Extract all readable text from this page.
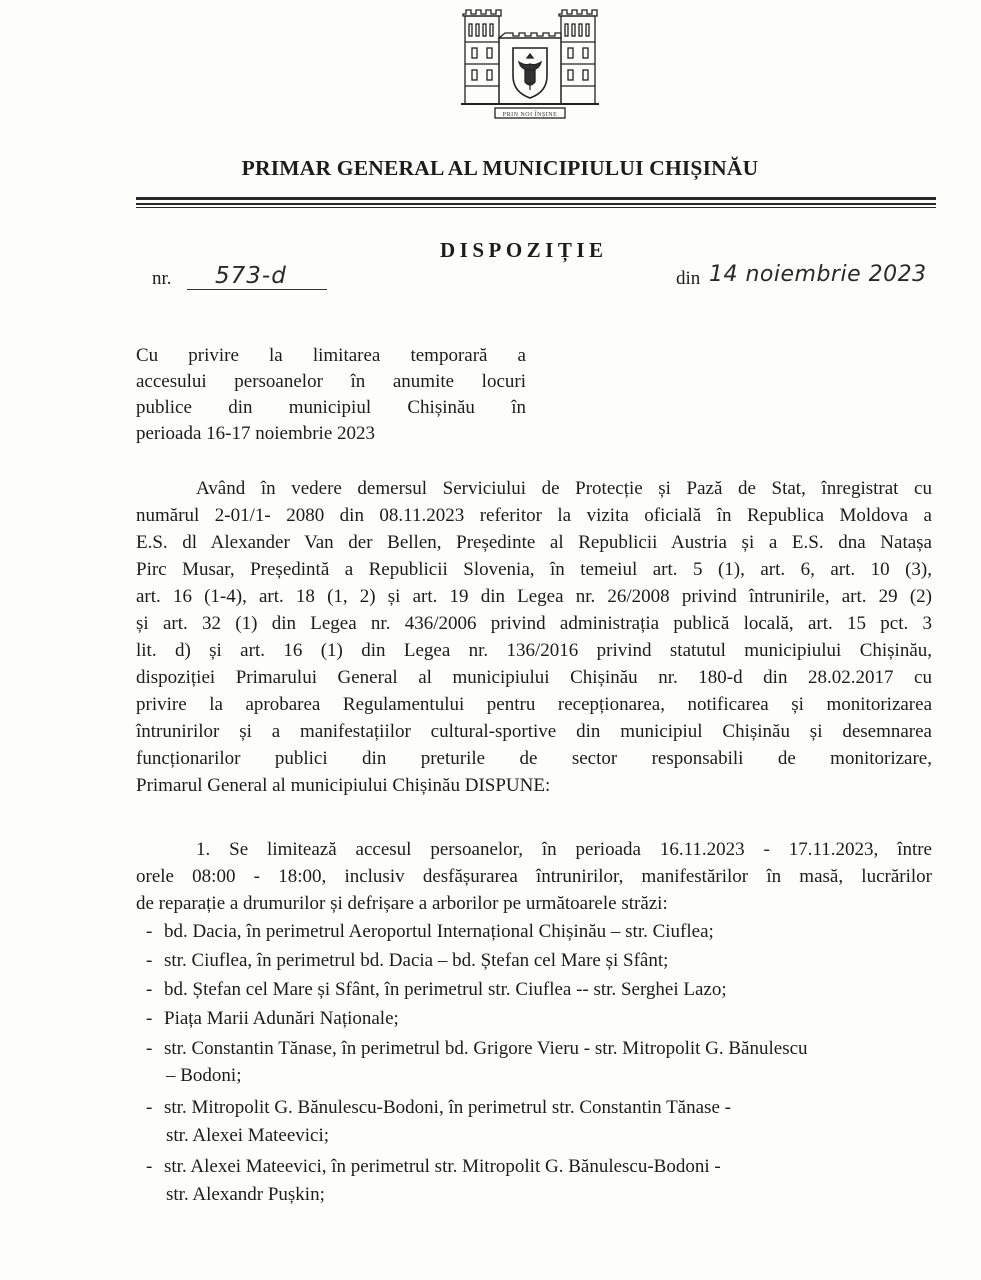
PRIN NOI ÎNȘINE
PRIMAR GENERAL AL MUNICIPIULUI CHIȘINĂU
DISPOZIȚIE
nr.	573-d	din 14 noiembrie 2023
Cu privire la limitarea temporară a
accesului persoanelor în anumite locuri
publice din municipiul Chișinău în
perioada 16-17 noiembrie 2023
Având în vedere demersul Serviciului de Protecție și Pază de Stat, înregistrat cu
numărul 2-01/1- 2080 din 08.11.2023 referitor la vizita oficială în Republica Moldova a
E.S. dl Alexander Van der Bellen, Președinte al Republicii Austria și a E.S. dna Natașa
Pirc Musar, Președintă a Republicii Slovenia, în temeiul art. 5 (1), art. 6, art. 10 (3),
art. 16 (1-4), art. 18 (1, 2) și art. 19 din Legea nr. 26/2008 privind întrunirile, art. 29 (2)
și art. 32 (1) din Legea nr. 436/2006 privind administrația publică locală, art. 15 pct. 3
lit. d) și art. 16 (1) din Legea nr. 136/2016 privind statutul municipiului Chișinău,
dispoziției Primarului General al municipiului Chișinău nr. 180-d din 28.02.2017 cu
privire la aprobarea Regulamentului pentru recepționarea, notificarea și monitorizarea
întrunirilor și a manifestațiilor cultural-sportive din municipiul Chișinău și desemnarea
funcționarilor publici din preturile de sector responsabili de monitorizare,
Primarul General al municipiului Chișinău DISPUNE:
1. Se limitează accesul persoanelor, în perioada 16.11.2023 - 17.11.2023, între
orele 08:00 - 18:00, inclusiv desfășurarea întrunirilor, manifestărilor în masă, lucrărilor
de reparație a drumurilor și defrișare a arborilor pe următoarele străzi:
- bd. Dacia, în perimetrul Aeroportul Internațional Chișinău – str. Ciuflea;
- str. Ciuflea, în perimetrul bd. Dacia – bd. Ștefan cel Mare și Sfânt;
- bd. Ștefan cel Mare și Sfânt, în perimetrul str. Ciuflea -- str. Serghei Lazo;
- Piața Marii Adunări Naționale;
- str. Constantin Tănase, în perimetrul bd. Grigore Vieru - str. Mitropolit G. Bănulescu
– Bodoni;
- str. Mitropolit G. Bănulescu-Bodoni, în perimetrul str. Constantin Tănase -
str. Alexei Mateevici;
- str. Alexei Mateevici, în perimetrul str. Mitropolit G. Bănulescu-Bodoni -
str. Alexandr Pușkin;
